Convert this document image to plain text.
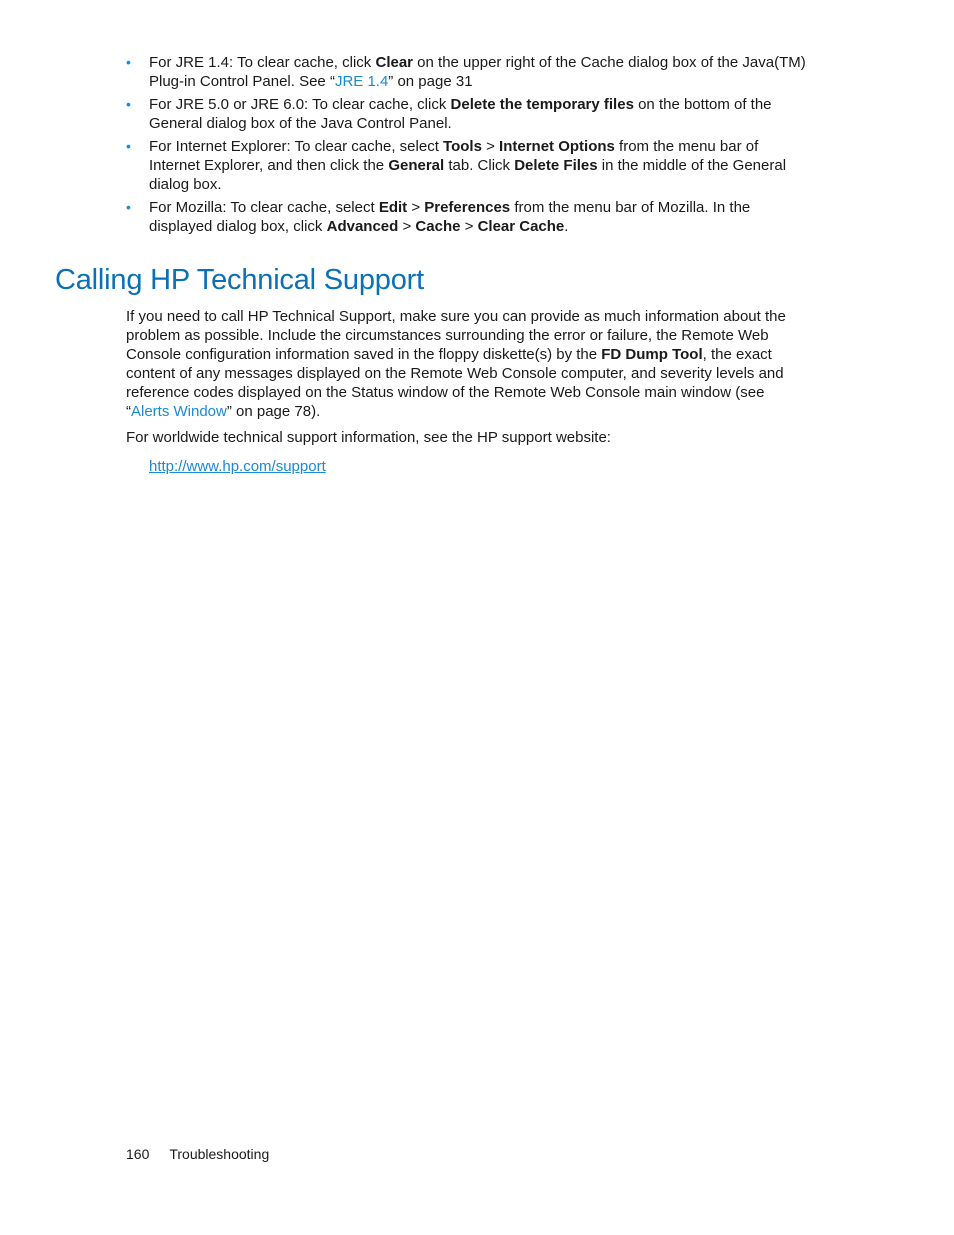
• For JRE 1.4: To clear cache, click Clear on the upper right of the Cache dialog box of the Java(TM) Plug-in Control Panel. See “JRE 1.4” on page 31
• For JRE 5.0 or JRE 6.0: To clear cache, click Delete the temporary files on the bottom of the General dialog box of the Java Control Panel.
• For Internet Explorer: To clear cache, select Tools > Internet Options from the menu bar of Internet Explorer, and then click the General tab. Click Delete Files in the middle of the General dialog box.
• For Mozilla: To clear cache, select Edit > Preferences from the menu bar of Mozilla. In the displayed dialog box, click Advanced > Cache > Clear Cache.
Calling HP Technical Support

If you need to call HP Technical Support, make sure you can provide as much information about the problem as possible. Include the circumstances surrounding the error or failure, the Remote Web Console configuration information saved in the floppy diskette(s) by the FD Dump Tool, the exact content of any messages displayed on the Remote Web Console computer, and severity levels and reference codes displayed on the Status window of the Remote Web Console main window (see “Alerts Window” on page 78).

For worldwide technical support information, see the HP support website:

http://www.hp.com/support
160 Troubleshooting
